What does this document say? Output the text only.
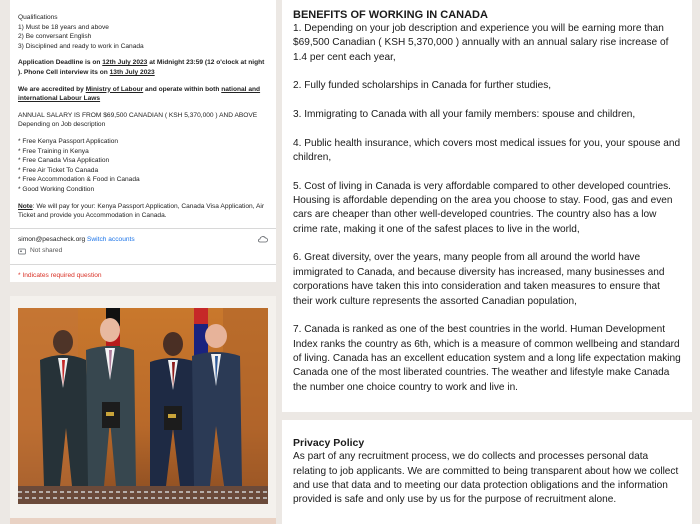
Qualifications

1) Must be 18 years and above

2) Be conversant English

3) Disciplined and ready to work in Canada

Application Deadline is on 12th July 2023 at Midnight 23:59 (12 o'clock at night ). Phone Cell interview its on 13th July 2023

We are accredited by Ministry of Labour and operate within both national and international Labour Laws

ANNUAL SALARY IS FROM $69,500 CANADIAN ( KSH 5,370,000 ) AND ABOVE Depending on Job description

* Free Kenya Passport Application

* Free Training in Kenya

* Free Canada Visa Application

* Free Air Ticket To Canada

* Free Accommodation & Food in Canada

* Good Working Condition

Note: We will pay for your: Kenya Passport Application, Canada Visa Application, Air Ticket and provide you Accommodation in Canada.

simon@pesacheck.org Switch accounts
Not shared

* Indicates required question

BENEFITS OF WORKING IN CANADA

1. Depending on your job description and experience you will be earning more than $69,500 Canadian ( KSH 5,370,000 ) annually with an annual salary rise increase of 1.4 per cent each year,

2. Fully funded scholarships in Canada for further studies,

3. Immigrating to Canada with all your family members: spouse and children,

4. Public health insurance, which covers most medical issues for you, your spouse and children,

5. Cost of living in Canada is very affordable compared to other developed countries. Housing is affordable depending on the area you choose to stay. Food, gas and even cars are cheaper than other well-developed countries. The country also has a low crime rate, making it one of the safest places to live in the world,

6. Great diversity, over the years, many people from all around the world have immigrated to Canada, and because diversity has increased, many businesses and corporations have taken this into consideration and taken measures to ensure that their work culture represents the assorted Canadian population,

7. Canada is ranked as one of the best countries in the world. Human Development Index ranks the country as 6th, which is a measure of common wellbeing and standard of living. Canada has an excellent education system and a long life expectation making Canada one of the most liberated countries. The weather and lifestyle make Canada the number one choice country to work and live in.

Privacy Policy

As part of any recruitment process, we do collects and processes personal data relating to job applicants. We are committed to being transparent about how we collect and use that data and to meeting our data protection obligations and the information provided is safe and only use by us for the purpose of recruitment alone.
